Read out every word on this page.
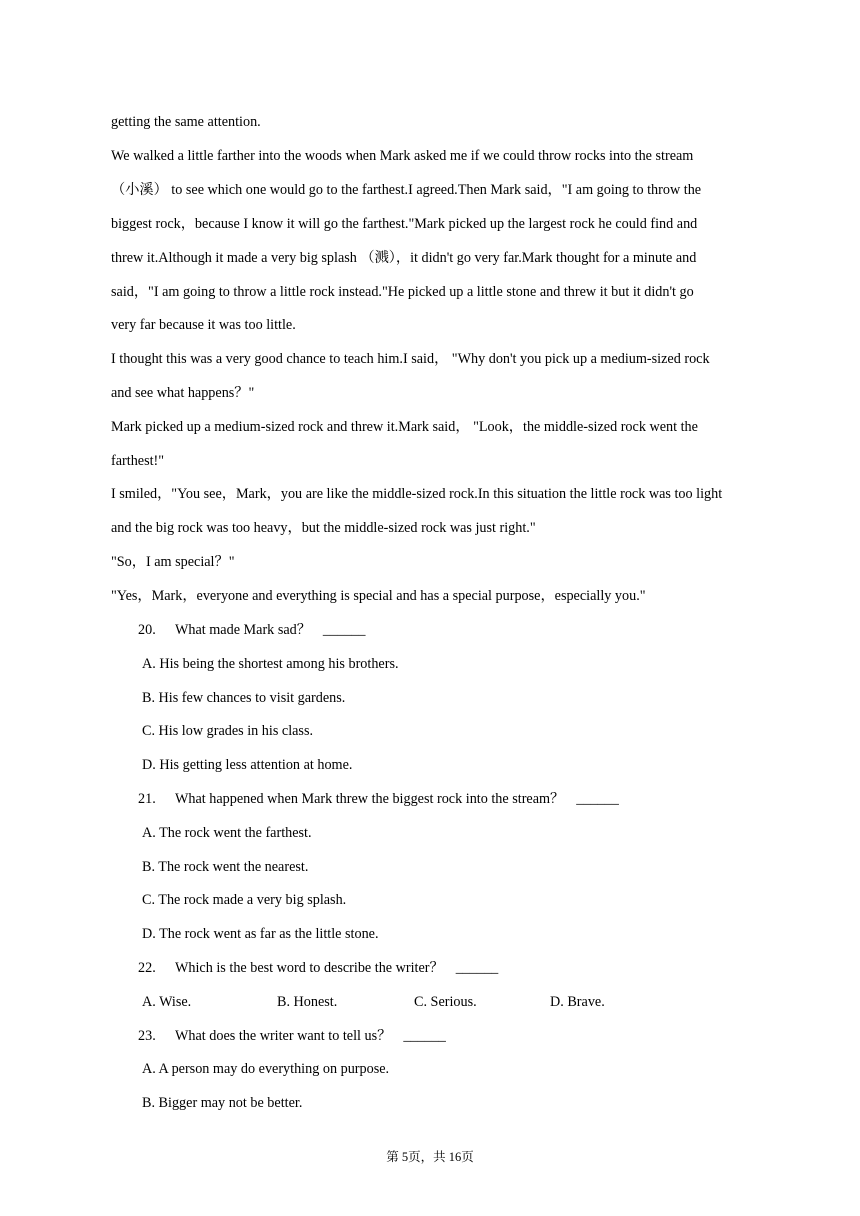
getting the same attention.
We walked a little farther into the woods when Mark asked me if we could throw rocks into the stream
（小溪） to see which one would go to the farthest.I agreed.Then Mark said，"I am going to throw the
biggest rock，because I know it will go the farthest."Mark picked up the largest rock he could find and
threw it.Although it made a very big splash （溅），it didn't go very far.Mark thought for a minute and
said，"I am going to throw a little rock instead."He picked up a little stone and threw it but it didn't go
very far because it was too little.
I thought this was a very good chance to teach him.I said， "Why don't you pick up a medium-sized rock
and see what happens？"
Mark picked up a medium-sized rock and threw it.Mark said， "Look，the middle-sized rock went the
farthest!"
I smiled，"You see，Mark，you are like the middle-sized rock.In this situation the little rock was too light
and the big rock was too heavy，but the middle-sized rock was just right."
"So，I am special？"
"Yes，Mark，everyone and everything is special and has a special purpose，especially you."
20. What made Mark sad？ ______
A. His being the shortest among his brothers.
B. His few chances to visit gardens.
C. His low grades in his class.
D. His getting less attention at home.
21. What happened when Mark threw the biggest rock into the stream？ ______
A. The rock went the farthest.
B. The rock went the nearest.
C. The rock made a very big splash.
D. The rock went as far as the little stone.
22. Which is the best word to describe the writer？ ______
A. Wise.	B. Honest.	C. Serious.	D. Brave.
23. What does the writer want to tell us？ ______
A. A person may do everything on purpose.
B. Bigger may not be better.
第 5页，共 16页
